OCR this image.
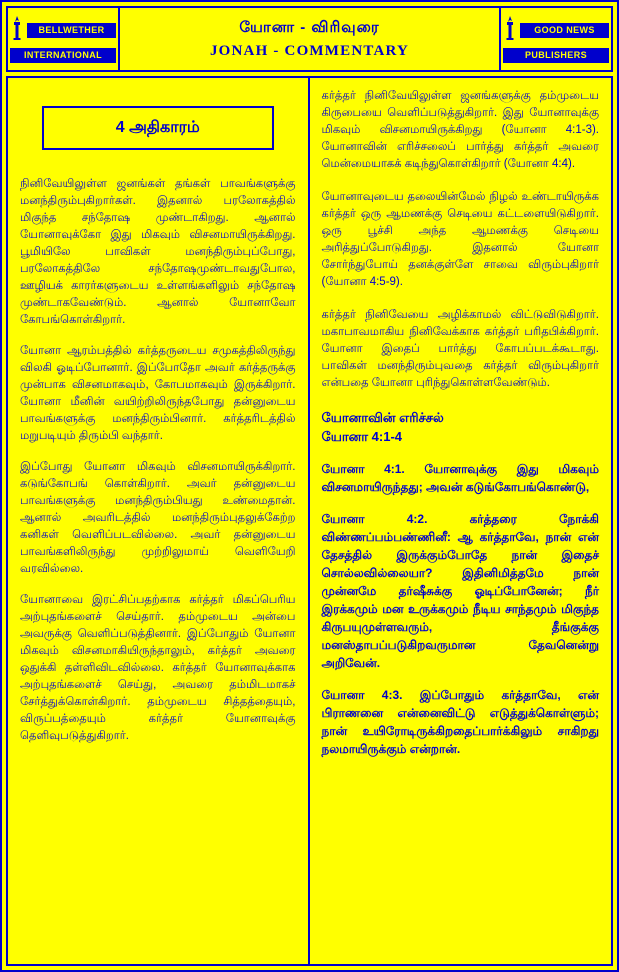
BELLWETHER
INTERNATIONAL
யோனா - விரிவுரை
JONAH - COMMENTARY
GOOD NEWS
PUBLISHERS
4 அதிகாரம்

நினிவேயிலுள்ள ஜனங்கள் தங்கள் பாவங்களுக்கு மனந்திரும்புகிறார்கள். இதனால் பரலோகத்தில் மிகுந்த சந்தோஷ முண்டாகிறது. ஆனால் யோனாவுக்கோ இது மிகவும் விசனமாயிருக்கிறது. பூமியிலே பாவிகள் மனந்திரும்புப்போது, பரலோகத்திலே சந்தோஷமுண்டாவதுபோல, ஊழியக் காரர்களுடைய உள்ளங்களிலும் சந்தோஷ முண்டாகவேண்டும். ஆனால் யோனாவோ கோபங்கொள்கிறார்.

யோனா ஆரம்பத்தில் கர்த்தருடைய சமுகத்திலிருந்து விலகி ஓடிப்போனார். இப்போதோ அவர் கர்த்தருக்கு முன்பாக விசனமாகவும், கோபமாகவும் இருக்கிறார். யோனா மீனின் வயிற்றிலிருந்தபோது தன்னுடைய பாவங்களுக்கு மனந்திரும்பினார். கர்த்தரிடத்தில் மறுபடியும் திரும்பி வந்தார்.

இப்போது யோனா மிகவும் விசனமாயிருக்கிறார். கடுங்கோபங் கொள்கிறார். அவர் தன்னுடைய பாவங்களுக்கு மனந்திரும்பியது உண்மைதான். ஆனால் அவரிடத்தில் மனந்திரும்புதலுக்கேற்ற கனிகள் வெளிப்படவில்லை. அவர் தன்னுடைய பாவங்களிலிருந்து முற்றிலுமாய் வெளியேறி வரவில்லை.

யோனாவை இரட்சிப்பதற்காக கர்த்தர் மிகப்பெரிய அற்புதங்களைச் செய்தார். தம்முடைய அன்பை அவருக்கு வெளிப்படுத்தினார். இப்போதும் யோனா மிகவும் விசனமாகியிருந்தாலும், கர்த்தர் அவரை ஒதுக்கி தள்ளிவிடவில்லை. கர்த்தர் யோனாவுக்காக அற்புதங்களைச் செய்து, அவரை தம்மிடமாகச் சேர்த்துக்கொள்கிறார். தம்முடைய சித்தத்தையும், விருப்பத்தையும் கர்த்தர் யோனாவுக்கு தெளிவுபடுத்துகிறார்.

கர்த்தர் நினிவேயிலுள்ள ஜனங்களுக்கு தம்முடைய கிருபையை வெளிப்படுத்துகிறார். இது யோனாவுக்கு மிகவும் விசனமாயிருக்கிறது (யோனா 4:1-3). யோனாவின் எரிச்சலைப் பார்த்து கர்த்தர் அவரை மென்மையாகக் கடிந்துகொள்கிறார் (யோனா 4:4).

யோனாவுடைய தலையின்மேல் நிழல் உண்டாயிருக்க கர்த்தர் ஒரு ஆமணக்கு செடியை கட்டளையிடுகிறார். ஒரு பூச்சி அந்த ஆமணக்கு செடியை அரித்துப்போடுகிறது. இதனால் யோனா சோர்ந்துபோய் தனக்குள்ளே சாவை விரும்புகிறார் (யோனா 4:5-9).

கர்த்தர் நினிவேயை அழிக்காமல் விட்டுவிடுகிறார். மகாபாவமாகிய நினிவேக்காக கர்த்தர் பரிதபிக்கிறார். யோனா இதைப் பார்த்து கோபப்படக்கூடாது. பாவிகள் மனந்திரும்புவதை கர்த்தர் விரும்புகிறார் என்பதை யோனா புரிந்துகொள்ளவேண்டும்.

யோனாவின் எரிச்சல்
யோனா 4:1-4

யோனா 4:1. யோனாவுக்கு இது மிகவும் விசனமாயிருந்தது; அவன் கடுங்கோபங்கொண்டு,

யோனா 4:2. கர்த்தரை நோக்கி விண்ணப்பம்பண்ணினீ: ஆ கர்த்தாவே, நான் என் தேசத்தில் இருக்கும்போதே நான் இதைச் சொல்லவில்லையா? இதினிமித்தமே நான் முன்னமே தர்ஷீசுக்கு ஓடிப்போனேன்; நீர் இரக்கமும் மன உருக்கமும் நீடிய சாந்தமும் மிகுந்த கிருபயுமுள்ளவரும், தீங்குக்கு மனஸ்தாபப்படுகிறவருமான தேவனென்று அறிவேன்.

யோனா 4:3. இப்போதும் கர்த்தாவே, என் பிராணனை என்னைவிட்டு எடுத்துக்கொள்ளும்; நான் உயிரோடிருக்கிறதைப்பார்க்கிலும் சாகிறது நலமாயிருக்கும் என்றான்.
